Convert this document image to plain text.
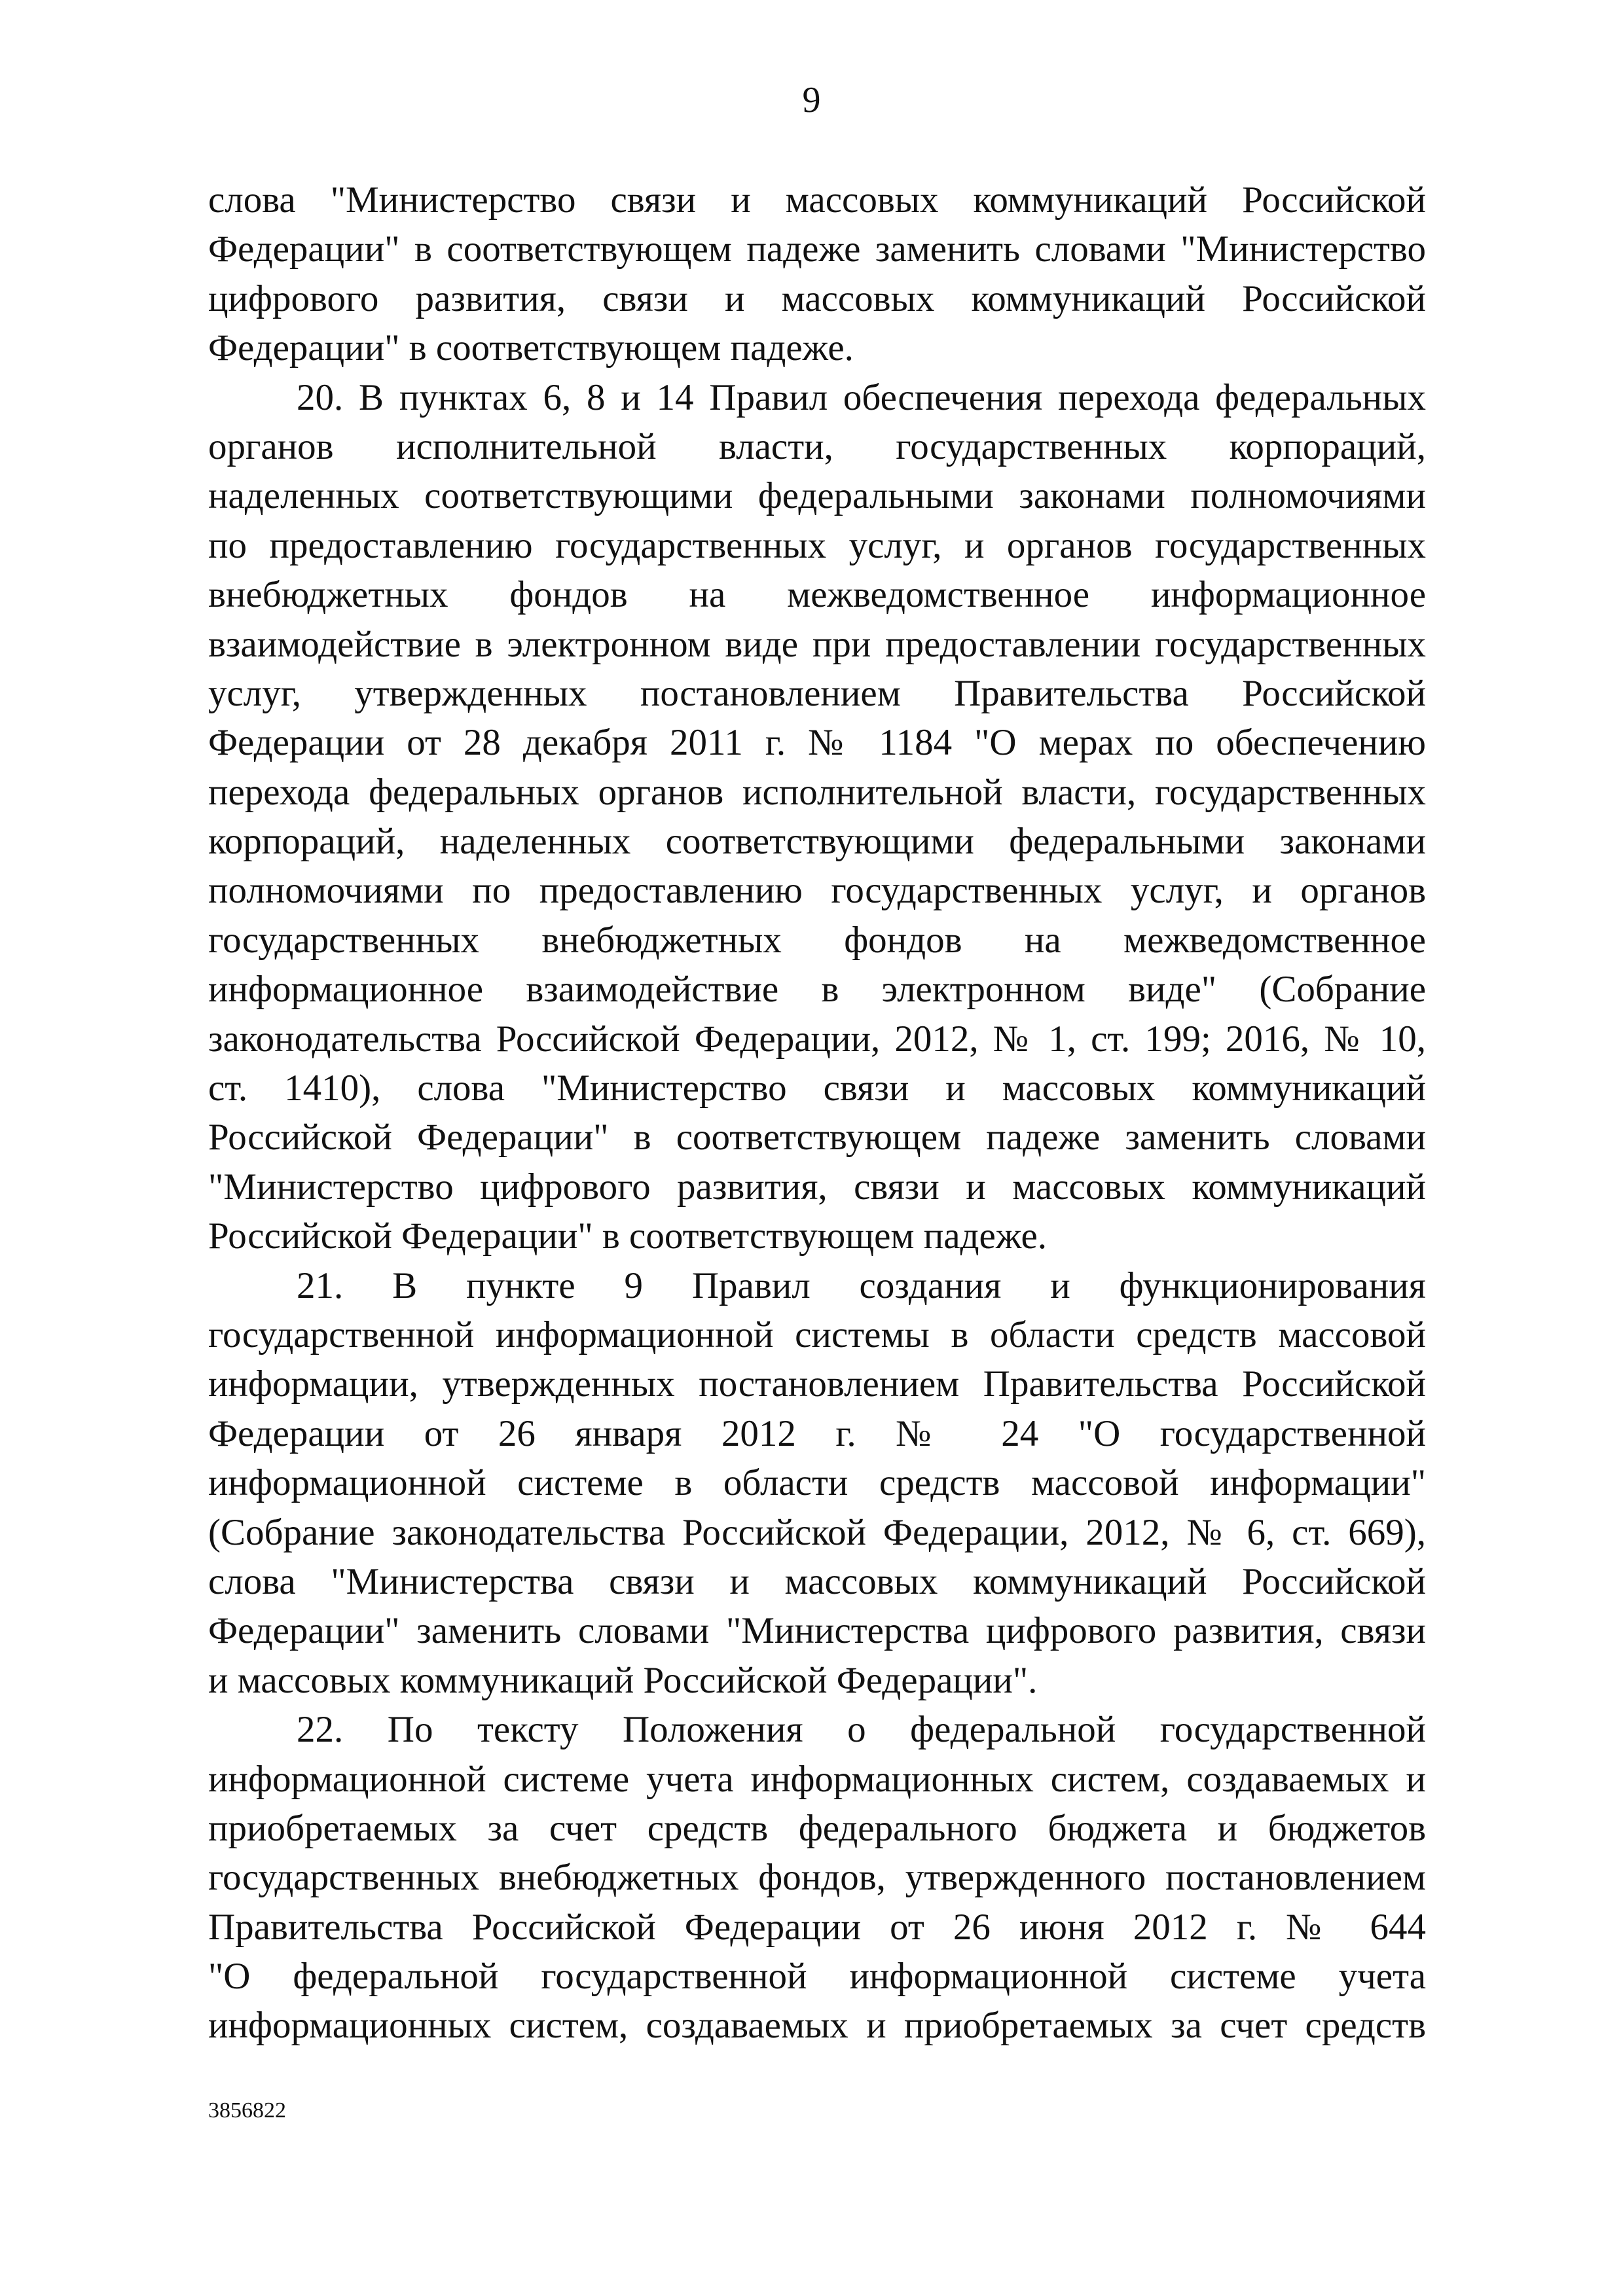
9
слова "Министерство связи и массовых коммуникаций Российской
Федерации" в соответствующем падеже заменить словами "Министерство
цифрового развития, связи и массовых коммуникаций Российской
Федерации" в соответствующем падеже.
20. В пунктах 6, 8 и 14 Правил обеспечения перехода федеральных
органов исполнительной власти, государственных корпораций,
наделенных соответствующими федеральными законами полномочиями
по предоставлению государственных услуг, и органов государственных
внебюджетных фондов на межведомственное информационное
взаимодействие в электронном виде при предоставлении государственных
услуг, утвержденных постановлением Правительства Российской
Федерации от 28 декабря 2011 г. № 1184 "О мерах по обеспечению
перехода федеральных органов исполнительной власти, государственных
корпораций, наделенных соответствующими федеральными законами
полномочиями по предоставлению государственных услуг, и органов
государственных внебюджетных фондов на межведомственное
информационное взаимодействие в электронном виде" (Собрание
законодательства Российской Федерации, 2012, № 1, ст. 199; 2016, № 10,
ст. 1410), слова "Министерство связи и массовых коммуникаций
Российской Федерации" в соответствующем падеже заменить словами
"Министерство цифрового развития, связи и массовых коммуникаций
Российской Федерации" в соответствующем падеже.
21. В пункте 9 Правил создания и функционирования
государственной информационной системы в области средств массовой
информации, утвержденных постановлением Правительства Российской
Федерации от 26 января 2012 г. № 24 "О государственной
информационной системе в области средств массовой информации"
(Собрание законодательства Российской Федерации, 2012, № 6, ст. 669),
слова "Министерства связи и массовых коммуникаций Российской
Федерации" заменить словами "Министерства цифрового развития, связи
и массовых коммуникаций Российской Федерации".
22. По тексту Положения о федеральной государственной
информационной системе учета информационных систем, создаваемых и
приобретаемых за счет средств федерального бюджета и бюджетов
государственных внебюджетных фондов, утвержденного постановлением
Правительства Российской Федерации от 26 июня 2012 г. № 644
"О федеральной государственной информационной системе учета
информационных систем, создаваемых и приобретаемых за счет средств
3856822
